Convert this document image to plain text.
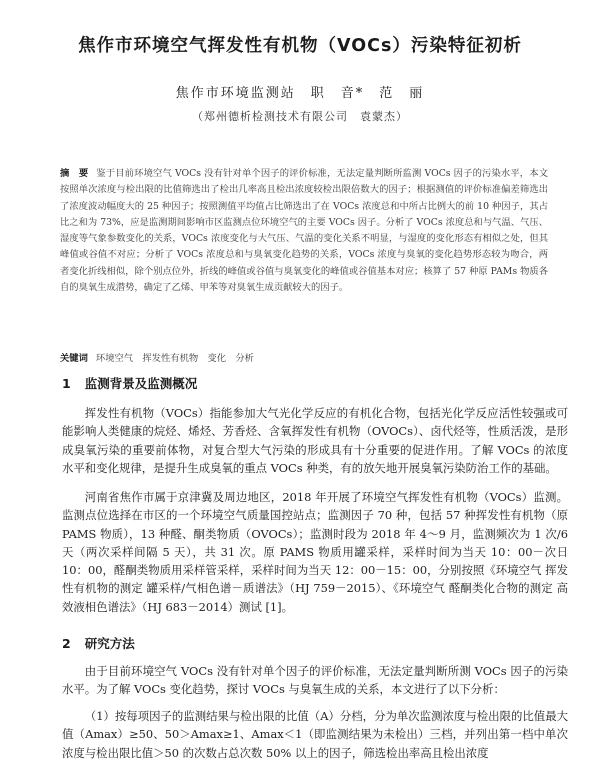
焦作市环境空气挥发性有机物（VOCs）污染特征初析
焦作市环境监测站　职　音*　范　丽
（郑州德析检测技术有限公司　袁蒙杰）
摘　要 鉴于目前环境空气 VOCs 没有针对单个因子的评价标准，无法定量判断所监测 VOCs 因子的污染水平，本文按照单次浓度与检出限的比值筛选出了检出几率高且检出浓度较检出限倍数大的因子；根据测值的评价标准偏差筛选出了浓度波动幅度大的 25 种因子；按照测值平均值占比筛选出了在 VOCs 浓度总和中所占比例大的前 10 种因子，其占比之和为 73%，应是监测期间影响市区监测点位环境空气的主要 VOCs 因子。分析了 VOCs 浓度总和与气温、气压、湿度等气象参数变化的关系，VOCs 浓度变化与大气压、气温的变化关系不明显，与湿度的变化形态有相似之处，但其峰值或谷值不对应；分析了 VOCs 浓度总和与臭氧变化趋势的关系，VOCs 浓度与臭氧的变化趋势形态较为吻合，两者变化折线相似，除个别点位外，折线的峰值或谷值与臭氧变化的峰值或谷值基本对应；核算了 57 种原 PAMs 物质各自的臭氧生成潜势，确定了乙烯、甲苯等对臭氧生成贡献较大的因子。
关键词 环境空气　挥发性有机物　变化　分析
1 监测背景及监测概况
挥发性有机物（VOCs）指能参加大气光化学反应的有机化合物，包括光化学反应活性较强或可能影响人类健康的烷烃、烯烃、芳香烃、含氧挥发性有机物（OVOCs）、卤代烃等，性质活泼，是形成臭氧污染的重要前体物，对复合型大气污染的形成具有十分重要的促进作用。了解 VOCs 的浓度水平和变化规律，是提升生成臭氧的重点 VOCs 种类，有的放矢地开展臭氧污染防治工作的基础。
河南省焦作市属于京津冀及周边地区，2018 年开展了环境空气挥发性有机物（VOCs）监测。监测点位选择在市区的一个环境空气质量国控站点；监测因子 70 种，包括 57 种挥发性有机物（原 PAMS 物质），13 种醛、酮类物质（OVOCs）；监测时段为 2018 年 4～9 月，监测频次为 1 次/6 天（两次采样间隔 5 天），共 31 次。原 PAMS 物质用罐采样，采样时间为当天 10：00－次日 10：00，醛酮类物质用采样管采样，采样时间为当天 12：00－15：00，分别按照《环境空气 挥发性有机物的测定 罐采样/气相色谱－质谱法》（HJ 759－2015）、《环境空气 醛酮类化合物的测定 高效液相色谱法》（HJ 683－2014）测试 [1]。
2 研究方法
由于目前环境空气 VOCs 没有针对单个因子的评价标准，无法定量判断所测 VOCs 因子的污染水平。为了解 VOCs 变化趋势，探讨 VOCs 与臭氧生成的关系，本文进行了以下分析：
（1）按每项因子的监测结果与检出限的比值（A）分档，分为单次监测浓度与检出限的比值最大值（Amax）≥50、50＞Amax≥1、Amax＜1（即监测结果为未检出）三档，并列出第一档中单次浓度与检出限比值＞50 的次数占总次数 50% 以上的因子，筛选检出率高且检出浓度
